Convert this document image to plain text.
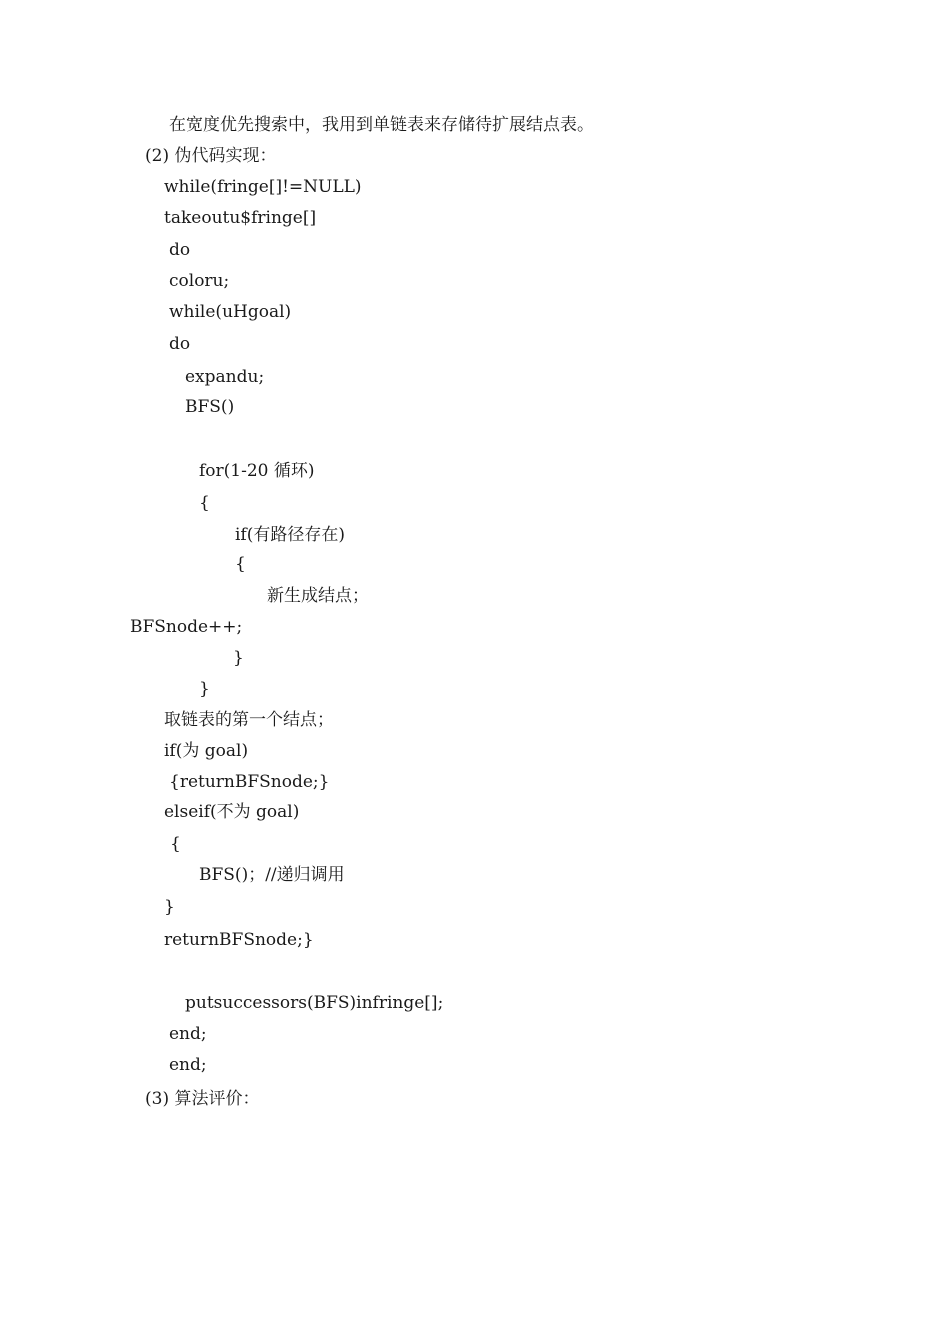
在宽度优先搜索中，我用到单链表来存储待扩展结点表。
(2) 伪代码实现：
while(fringe[]!=NULL)
takeoutu$fringe[]
do
coloru;
while(uHgoal)
do
expandu;
BFS()
for(1-20 循环)
{
if(有路径存在)
{
新生成结点；
BFSnode++;
}
}
取链表的第一个结点；
if(为 goal)
{returnBFSnode;}
elseif(不为 goal)
{
BFS()；//递归调用
}
returnBFSnode;}
putsuccessors(BFS)infringe[];
end;
end;
(3) 算法评价：
